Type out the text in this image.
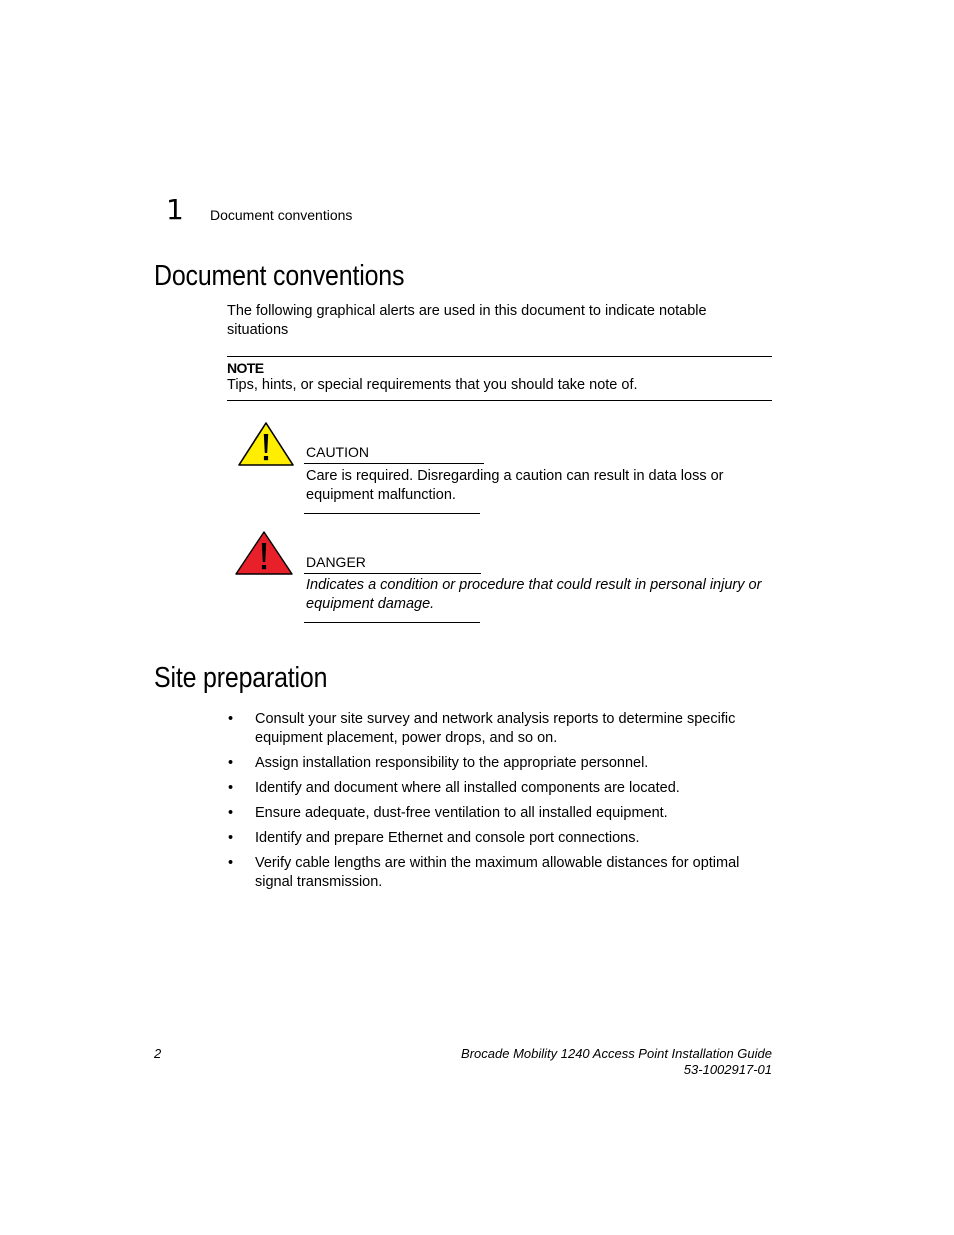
1 Document conventions
Document conventions
The following graphical alerts are used in this document to indicate notable situations
NOTE
Tips, hints, or special requirements that you should take note of.
CAUTION
Care is required. Disregarding a caution can result in data loss or equipment malfunction.
DANGER
Indicates a condition or procedure that could result in personal injury or equipment damage.
Site preparation
• Consult your site survey and network analysis reports to determine specific equipment placement, power drops, and so on.
• Assign installation responsibility to the appropriate personnel.
• Identify and document where all installed components are located.
• Ensure adequate, dust-free ventilation to all installed equipment.
• Identify and prepare Ethernet and console port connections.
• Verify cable lengths are within the maximum allowable distances for optimal signal transmission.
2	Brocade Mobility 1240 Access Point Installation Guide
53-1002917-01
